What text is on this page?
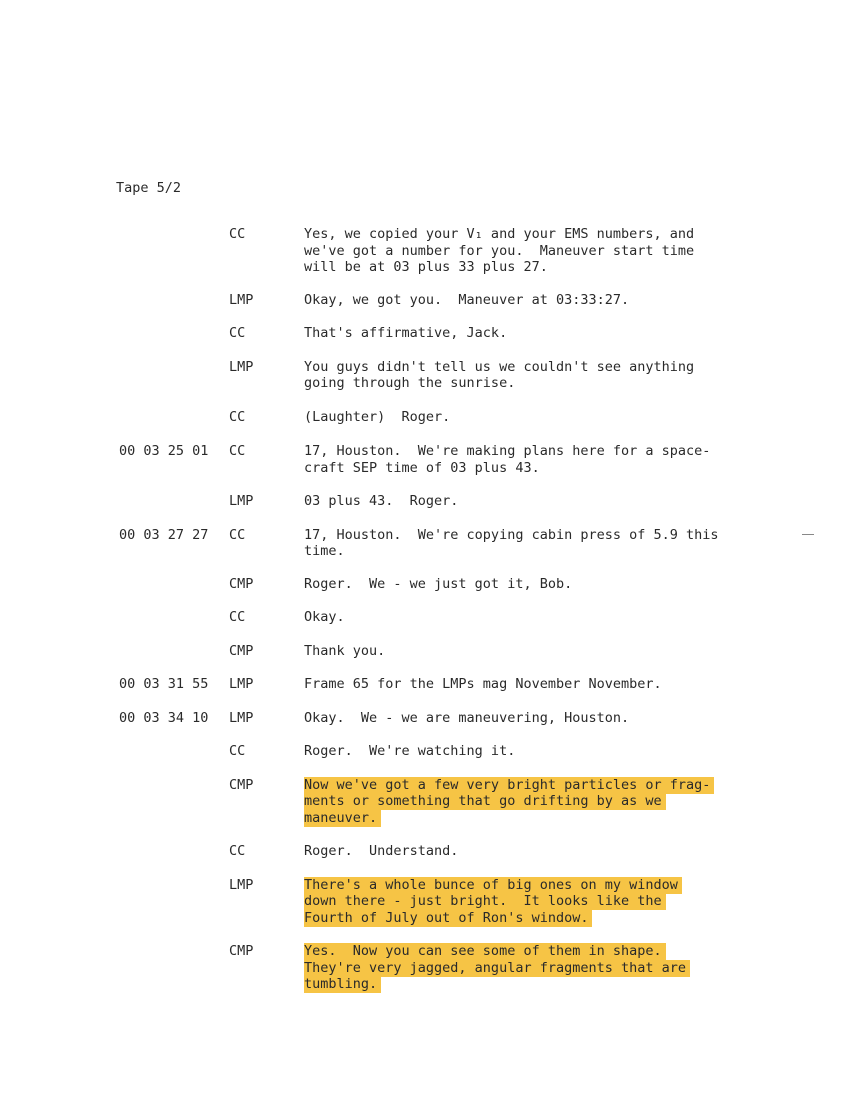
Tape 5/2
CC	Yes, we copied your V₁ and your EMS numbers, and
we've got a number for you.  Maneuver start time
will be at 03 plus 33 plus 27.
LMP	Okay, we got you.  Maneuver at 03:33:27.
CC	That's affirmative, Jack.
LMP	You guys didn't tell us we couldn't see anything
going through the sunrise.
CC	(Laughter)  Roger.
00 03 25 01 CC	17, Houston.  We're making plans here for a space-
craft SEP time of 03 plus 43.
LMP	03 plus 43.  Roger.
00 03 27 27 CC	17, Houston.  We're copying cabin press of 5.9 this
time.
CMP	Roger.  We - we just got it, Bob.
CC	Okay.
CMP	Thank you.
00 03 31 55 LMP	Frame 65 for the LMPs mag November November.
00 03 34 10 LMP	Okay.  We - we are maneuvering, Houston.
CC	Roger.  We're watching it.
CMP	Now we've got a few very bright particles or frag-
ments or something that go drifting by as we
maneuver.
CC	Roger.  Understand.
LMP	There's a whole bunce of big ones on my window
down there - just bright.  It looks like the
Fourth of July out of Ron's window.
CMP	Yes.  Now you can see some of them in shape.
They're very jagged, angular fragments that are
tumbling.
